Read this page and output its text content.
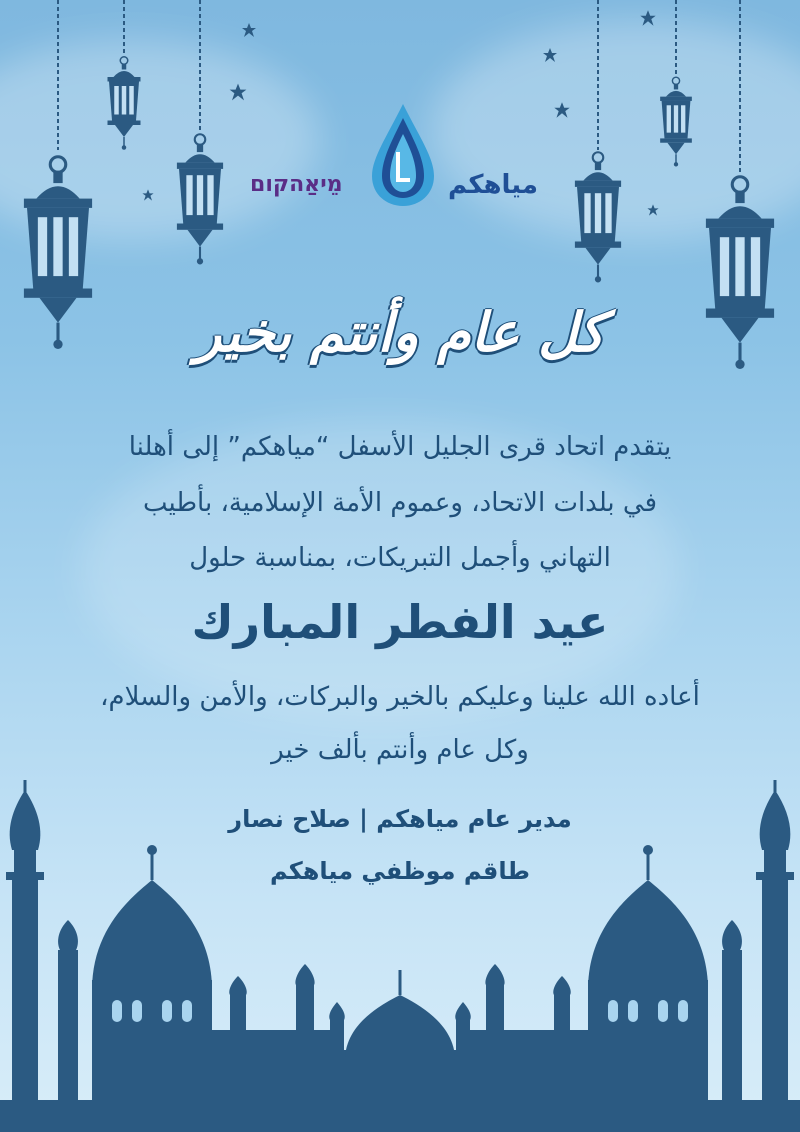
מֵיאַהקום	مياهكم
كل عام وأنتم بخير
يتقدم اتحاد قرى الجليل الأسفل “مياهكم” إلى أهلنا
في بلدات الاتحاد، وعموم الأمة الإسلامية، بأطيب
التهاني وأجمل التبريكات، بمناسبة حلول
عيد الفطر المبارك
أعاده الله علينا وعليكم بالخير والبركات، والأمن والسلام،
وكل عام وأنتم بألف خير
مدير عام مياهكم | صلاح نصار
طاقم موظفي مياهكم
